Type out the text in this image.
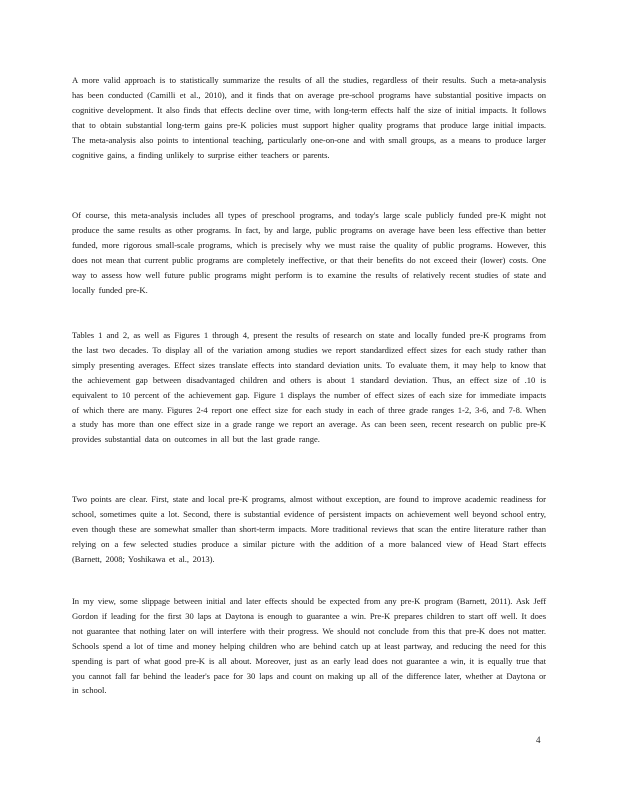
A more valid approach is to statistically summarize the results of all the studies, regardless of their results. Such a meta-analysis has been conducted (Camilli et al., 2010), and it finds that on average pre-school programs have substantial positive impacts on cognitive development. It also finds that effects decline over time, with long-term effects half the size of initial impacts. It follows that to obtain substantial long-term gains pre-K policies must support higher quality programs that produce large initial impacts. The meta-analysis also points to intentional teaching, particularly one-on-one and with small groups, as a means to produce larger cognitive gains, a finding unlikely to surprise either teachers or parents.

Of course, this meta-analysis includes all types of preschool programs, and today's large scale publicly funded pre-K might not produce the same results as other programs. In fact, by and large, public programs on average have been less effective than better funded, more rigorous small-scale programs, which is precisely why we must raise the quality of public programs. However, this does not mean that current public programs are completely ineffective, or that their benefits do not exceed their (lower) costs. One way to assess how well future public programs might perform is to examine the results of relatively recent studies of state and locally funded pre-K.

Tables 1 and 2, as well as Figures 1 through 4, present the results of research on state and locally funded pre-K programs from the last two decades. To display all of the variation among studies we report standardized effect sizes for each study rather than simply presenting averages. Effect sizes translate effects into standard deviation units. To evaluate them, it may help to know that the achievement gap between disadvantaged children and others is about 1 standard deviation. Thus, an effect size of .10 is equivalent to 10 percent of the achievement gap. Figure 1 displays the number of effect sizes of each size for immediate impacts of which there are many. Figures 2-4 report one effect size for each study in each of three grade ranges 1-2, 3-6, and 7-8. When a study has more than one effect size in a grade range we report an average. As can been seen, recent research on public pre-K provides substantial data on outcomes in all but the last grade range.

Two points are clear. First, state and local pre-K programs, almost without exception, are found to improve academic readiness for school, sometimes quite a lot. Second, there is substantial evidence of persistent impacts on achievement well beyond school entry, even though these are somewhat smaller than short-term impacts. More traditional reviews that scan the entire literature rather than relying on a few selected studies produce a similar picture with the addition of a more balanced view of Head Start effects (Barnett, 2008; Yoshikawa et al., 2013).

In my view, some slippage between initial and later effects should be expected from any pre-K program (Barnett, 2011). Ask Jeff Gordon if leading for the first 30 laps at Daytona is enough to guarantee a win. Pre-K prepares children to start off well. It does not guarantee that nothing later on will interfere with their progress. We should not conclude from this that pre-K does not matter. Schools spend a lot of time and money helping children who are behind catch up at least partway, and reducing the need for this spending is part of what good pre-K is all about. Moreover, just as an early lead does not guarantee a win, it is equally true that you cannot fall far behind the leader's pace for 30 laps and count on making up all of the difference later, whether at Daytona or in school.

4
